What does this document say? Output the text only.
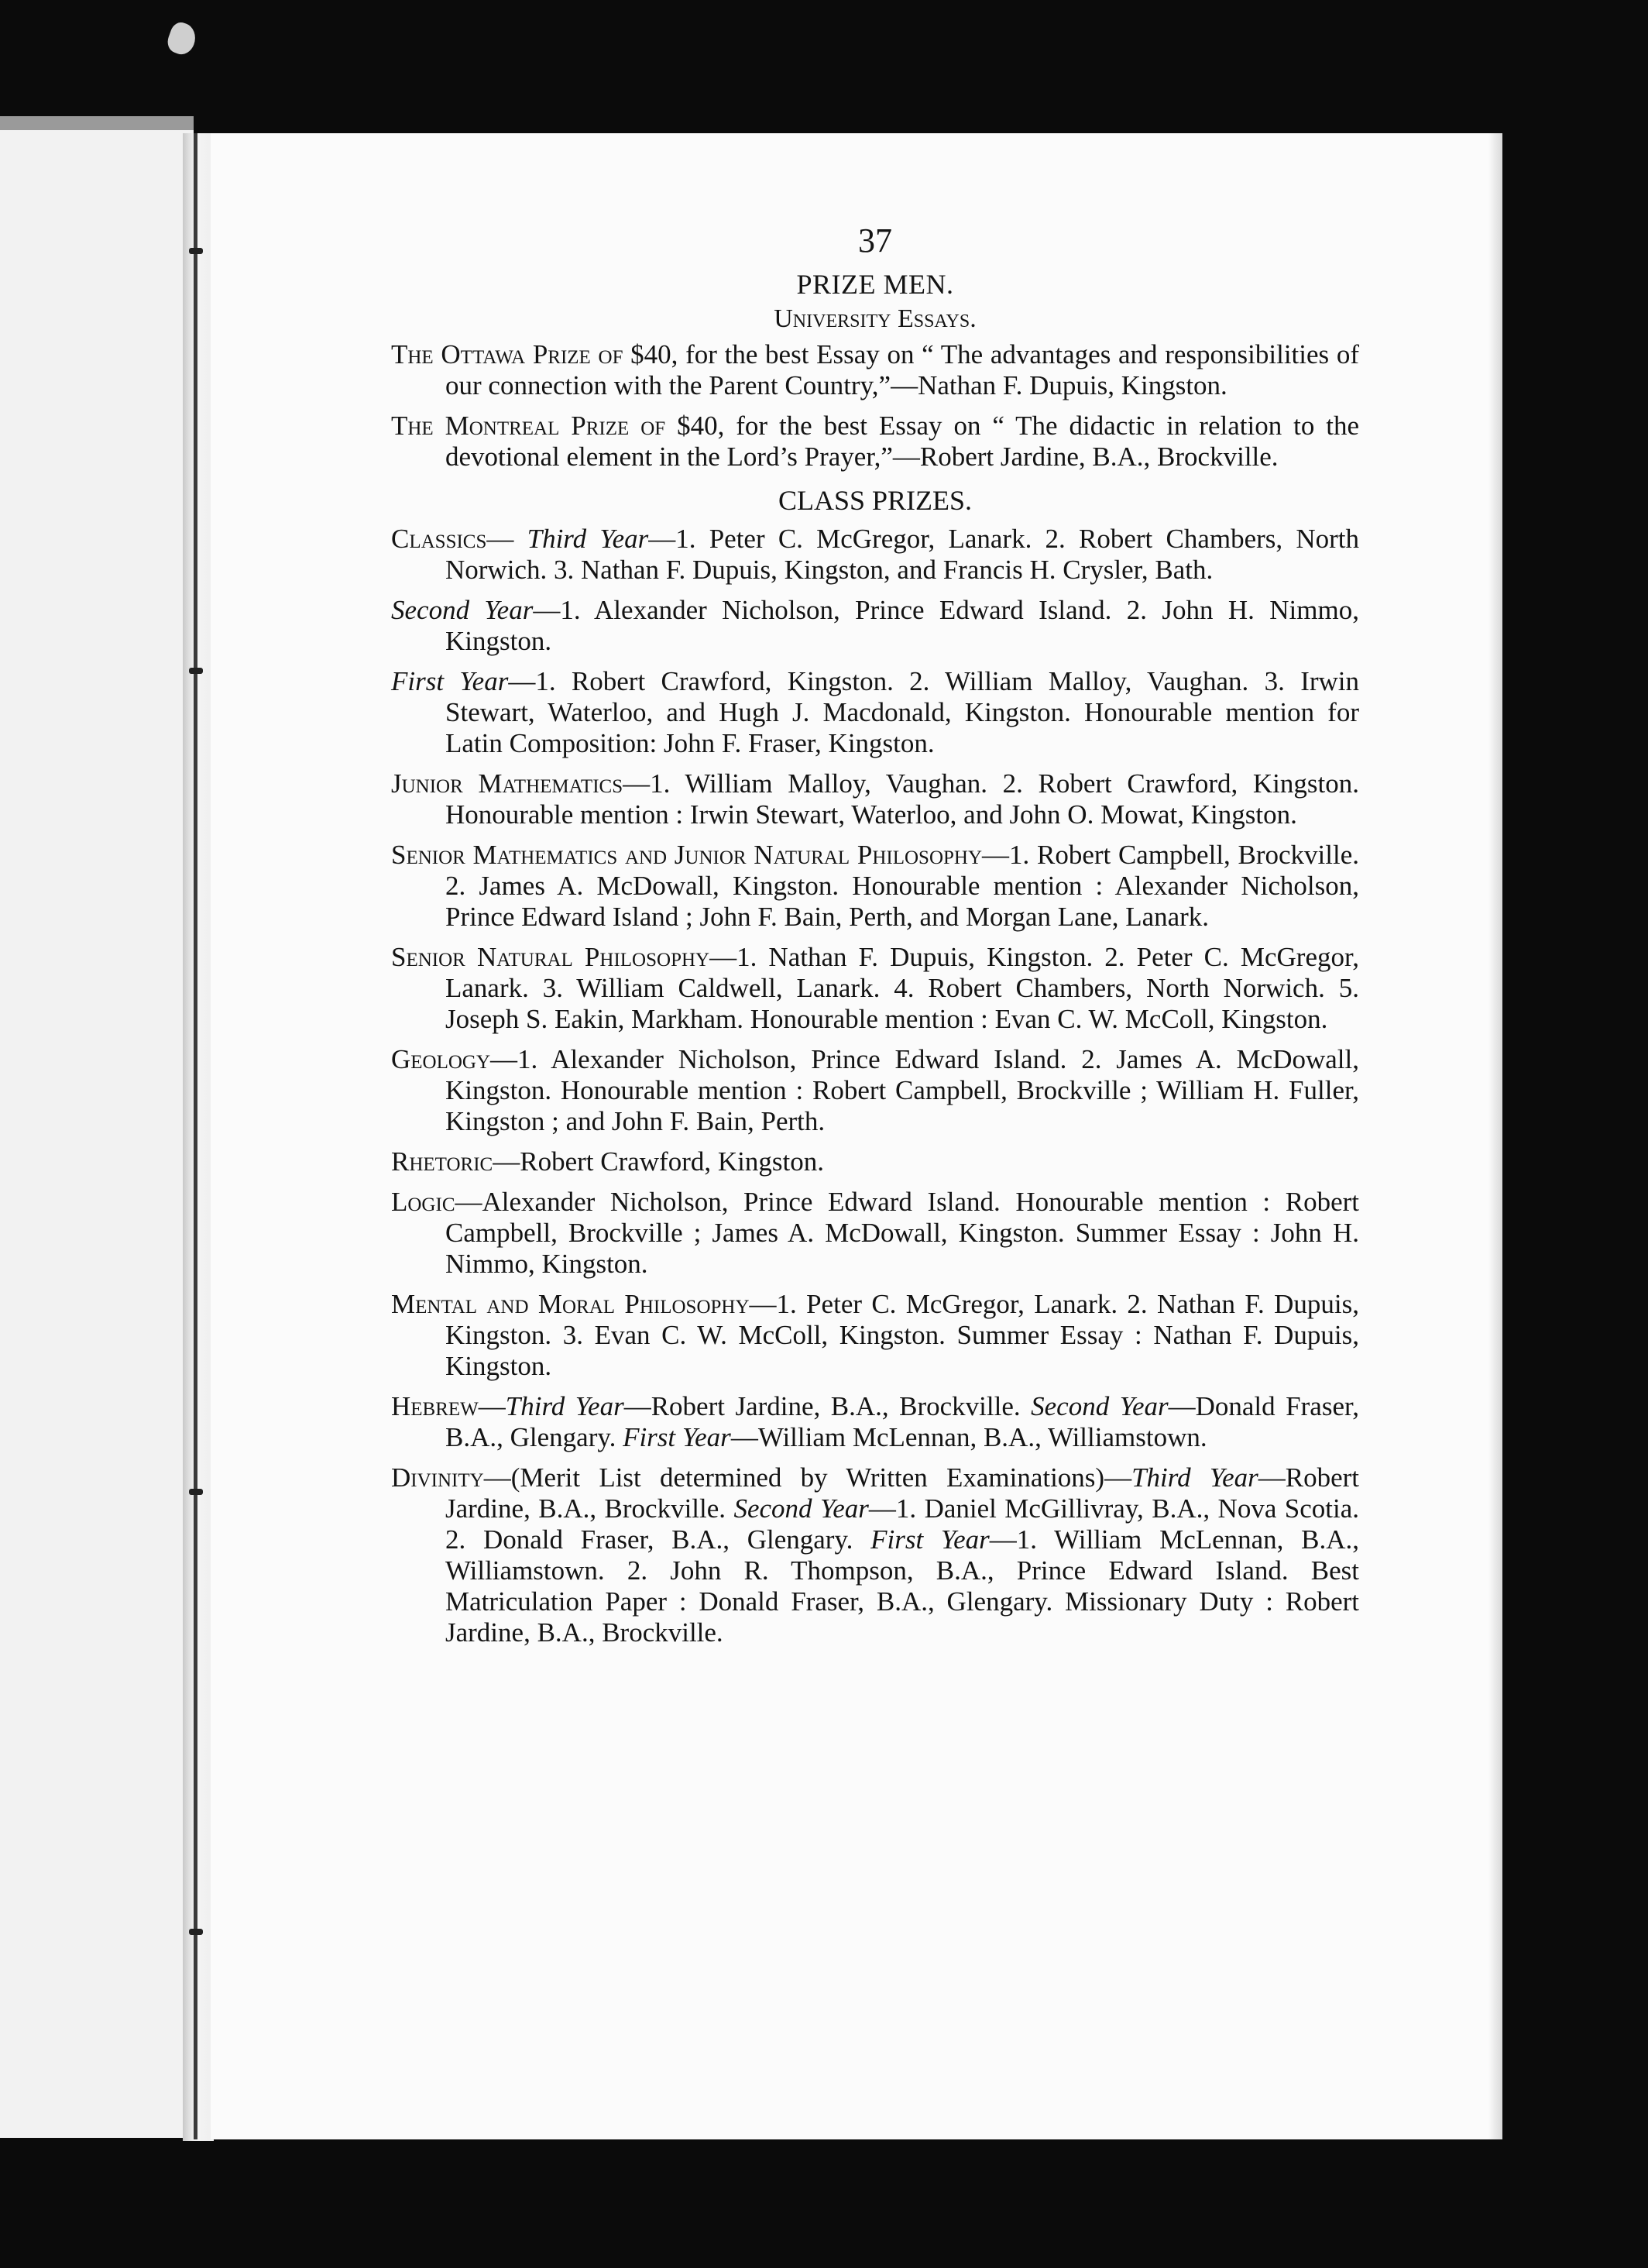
37
PRIZE MEN.
University Essays.

The Ottawa Prize of $40, for the best Essay on “ The advantages and responsibilities of our connection with the Parent Country,”—Nathan F. Dupuis, Kingston.

The Montreal Prize of $40, for the best Essay on “ The didactic in relation to the devotional element in the Lord’s Prayer,”—Robert Jardine, B.A., Brockville.

CLASS PRIZES.

Classics— Third Year—1. Peter C. McGregor, Lanark. 2. Robert Chambers, North Norwich. 3. Nathan F. Dupuis, Kingston, and Francis H. Crysler, Bath.

Second Year—1. Alexander Nicholson, Prince Edward Island. 2. John H. Nimmo, Kingston.

First Year—1. Robert Crawford, Kingston. 2. William Malloy, Vaughan. 3. Irwin Stewart, Waterloo, and Hugh J. Macdonald, Kingston. Honourable mention for Latin Composition: John F. Fraser, Kingston.

Junior Mathematics—1. William Malloy, Vaughan. 2. Robert Crawford, Kingston. Honourable mention : Irwin Stewart, Waterloo, and John O. Mowat, Kingston.

Senior Mathematics and Junior Natural Philosophy—1. Robert Campbell, Brockville. 2. James A. McDowall, Kingston. Honourable mention : Alexander Nicholson, Prince Edward Island ; John F. Bain, Perth, and Morgan Lane, Lanark.

Senior Natural Philosophy—1. Nathan F. Dupuis, Kingston. 2. Peter C. McGregor, Lanark. 3. William Caldwell, Lanark. 4. Robert Chambers, North Norwich. 5. Joseph S. Eakin, Markham. Honourable mention : Evan C. W. McColl, Kingston.

Geology—1. Alexander Nicholson, Prince Edward Island. 2. James A. McDowall, Kingston. Honourable mention : Robert Campbell, Brockville ; William H. Fuller, Kingston ; and John F. Bain, Perth.

Rhetoric—Robert Crawford, Kingston.

Logic—Alexander Nicholson, Prince Edward Island. Honourable mention : Robert Campbell, Brockville ; James A. McDowall, Kingston. Summer Essay : John H. Nimmo, Kingston.

Mental and Moral Philosophy—1. Peter C. McGregor, Lanark. 2. Nathan F. Dupuis, Kingston. 3. Evan C. W. McColl, Kingston. Summer Essay : Nathan F. Dupuis, Kingston.

Hebrew—Third Year—Robert Jardine, B.A., Brockville. Second Year—Donald Fraser, B.A., Glengary. First Year—William McLennan, B.A., Williamstown.

Divinity—(Merit List determined by Written Examinations)—Third Year—Robert Jardine, B.A., Brockville. Second Year—1. Daniel McGillivray, B.A., Nova Scotia. 2. Donald Fraser, B.A., Glengary. First Year—1. William McLennan, B.A., Williamstown. 2. John R. Thompson, B.A., Prince Edward Island. Best Matriculation Paper : Donald Fraser, B.A., Glengary. Missionary Duty : Robert Jardine, B.A., Brockville.
